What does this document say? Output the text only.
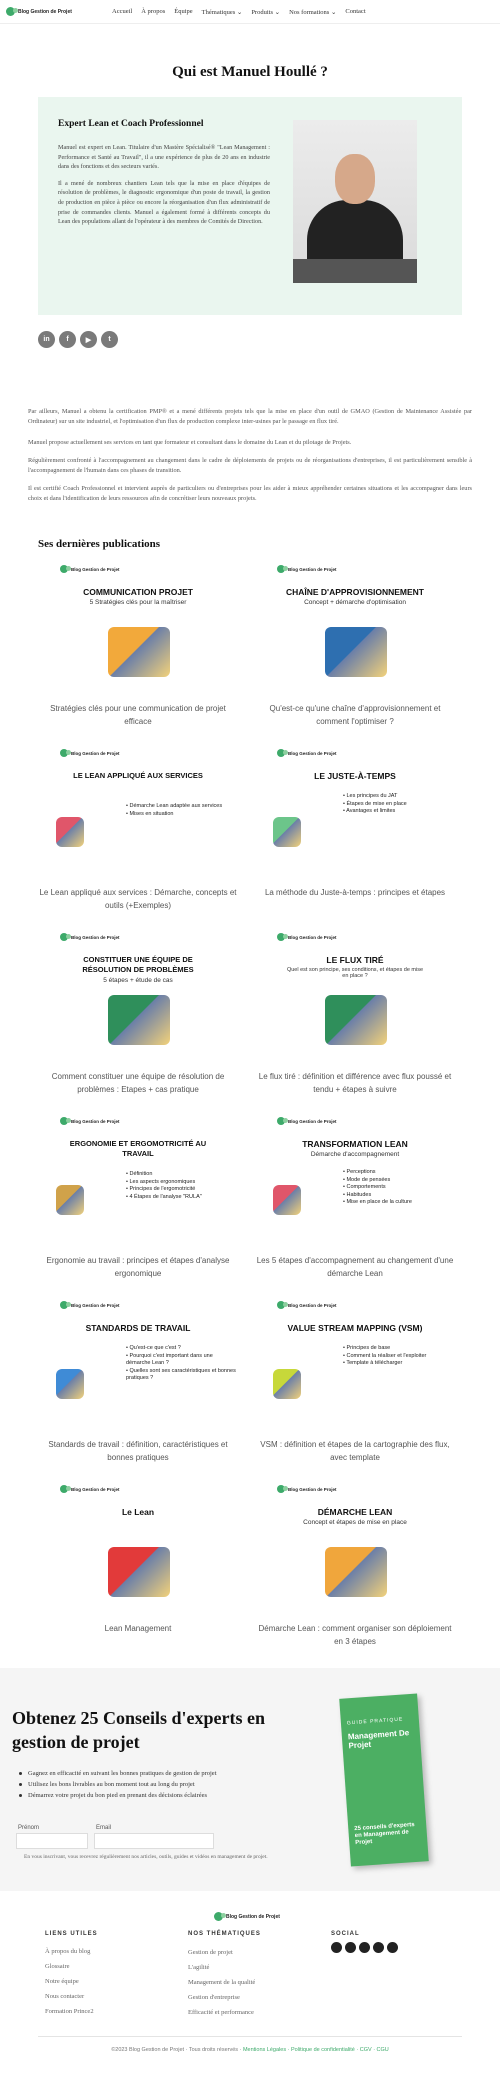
Blog Gestion de Projet	Accueil À propos Équipe Thématiques ⌄ Produits ⌄ Nos formations ⌄ Contact
Qui est Manuel Houllé ?
Expert Lean et Coach Professionnel

Manuel est expert en Lean. Titulaire d'un Mastère Spécialisé® "Lean Management : Performance et Santé au Travail", il a une expérience de plus de 20 ans en industrie dans des fonctions et des secteurs variés.

Il a mené de nombreux chantiers Lean tels que la mise en place d'équipes de résolution de problèmes, le diagnostic ergonomique d'un poste de travail, la gestion de production en pièce à pièce ou encore la réorganisation d'un flux administratif de prise de commandes clients. Manuel a également formé à différents concepts du Lean des populations allant de l'opérateur à des membres de Comités de Direction.

in	f	▶	t

Par ailleurs, Manuel a obtenu la certification PMP® et a mené différents projets tels que la mise en place d'un outil de GMAO (Gestion de Maintenance Assistée par Ordinateur) sur un site industriel, et l'optimisation d'un flux de production complexe inter-usines par le passage en flux tiré.

Manuel propose actuellement ses services en tant que formateur et consultant dans le domaine du Lean et du pilotage de Projets.

Régulièrement confronté à l'accompagnement au changement dans le cadre de déploiements de projets ou de réorganisations d'entreprises, il est particulièrement sensible à l'accompagnement de l'humain dans ces phases de transition.

Il est certifié Coach Professionnel et intervient auprès de particuliers ou d'entreprises pour les aider à mieux appréhender certaines situations et les accompagner dans leurs choix et dans l'identification de leurs ressources afin de concrétiser leurs nouveaux projets.

Ses dernières publications
Blog Gestion de Projet
COMMUNICATION PROJET
5 Stratégies clés pour la maîtriser
Stratégies clés pour une communication de projet efficace
Blog Gestion de Projet
CHAÎNE D'APPROVISIONNEMENT
Concept + démarche d'optimisation
Qu'est-ce qu'une chaîne d'approvisionnement et comment l'optimiser ?
Blog Gestion de Projet
LE LEAN APPLIQUÉ AUX SERVICES
• Démarche Lean adaptée aux services
• Mises en situation
Le Lean appliqué aux services : Démarche, concepts et outils (+Exemples)
Blog Gestion de Projet
LE JUSTE-À-TEMPS
• Les principes du JAT
• Étapes de mise en place
• Avantages et limites
La méthode du Juste-à-temps : principes et étapes
Blog Gestion de Projet
CONSTITUER UNE ÉQUIPE DE RÉSOLUTION DE PROBLÈMES
5 étapes + étude de cas
Comment constituer une équipe de résolution de problèmes : Etapes + cas pratique
Blog Gestion de Projet
LE FLUX TIRÉ
Quel est son principe, ses conditions, et étapes de mise en place ?
Le flux tiré : définition et différence avec flux poussé et tendu + étapes à suivre
Blog Gestion de Projet
ERGONOMIE ET ERGOMOTRICITÉ AU TRAVAIL
• Définition
• Les aspects ergonomiques
• Principes de l'ergomotricité
• 4 Étapes de l'analyse "RULA"
Ergonomie au travail : principes et étapes d'analyse ergonomique
Blog Gestion de Projet
TRANSFORMATION LEAN
Démarche d'accompagnement
• Perceptions
• Mode de pensées
• Comportements
• Habitudes
• Mise en place de la culture
Les 5 étapes d'accompagnement au changement d'une démarche Lean
Blog Gestion de Projet
STANDARDS DE TRAVAIL
• Qu'est-ce que c'est ?
• Pourquoi c'est important dans une démarche Lean ?
• Quelles sont ses caractéristiques et bonnes pratiques ?
Standards de travail : définition, caractéristiques et bonnes pratiques
Blog Gestion de Projet
VALUE STREAM MAPPING (VSM)
• Principes de base
• Comment la réaliser et l'exploiter
• Template à télécharger
VSM : définition et étapes de la cartographie des flux, avec template
Blog Gestion de Projet
Le Lean
Lean Management
Blog Gestion de Projet
DÉMARCHE LEAN
Concept et étapes de mise en place
Démarche Lean : comment organiser son déploiement en 3 étapes
Obtenez 25 Conseils d'experts en gestion de projet
Gagnez en efficacité en suivant les bonnes pratiques de gestion de projet
Utilisez les bons livrables au bon moment tout au long du projet
Démarrez votre projet du bon pied en prenant des décisions éclairées
Prénom	Email
En vous inscrivant, vous recevrez régulièrement nos articles, outils, guides et vidéos en management de projet.
GUIDE PRATIQUE
Management De Projet
25 conseils d'experts en Management de Projet
Blog Gestion de Projet
LIENS UTILES	NOS THÉMATIQUES	SOCIAL
À propos du blog
Glossaire
Notre équipe
Nous contacter
Formation Prince2
Gestion de projet
L'agilité
Management de la qualité
Gestion d'entreprise
Efficacité et performance
©2023 Blog Gestion de Projet · Tous droits réservés · Mentions Légales · Politique de confidentialité · CGV · CGU
